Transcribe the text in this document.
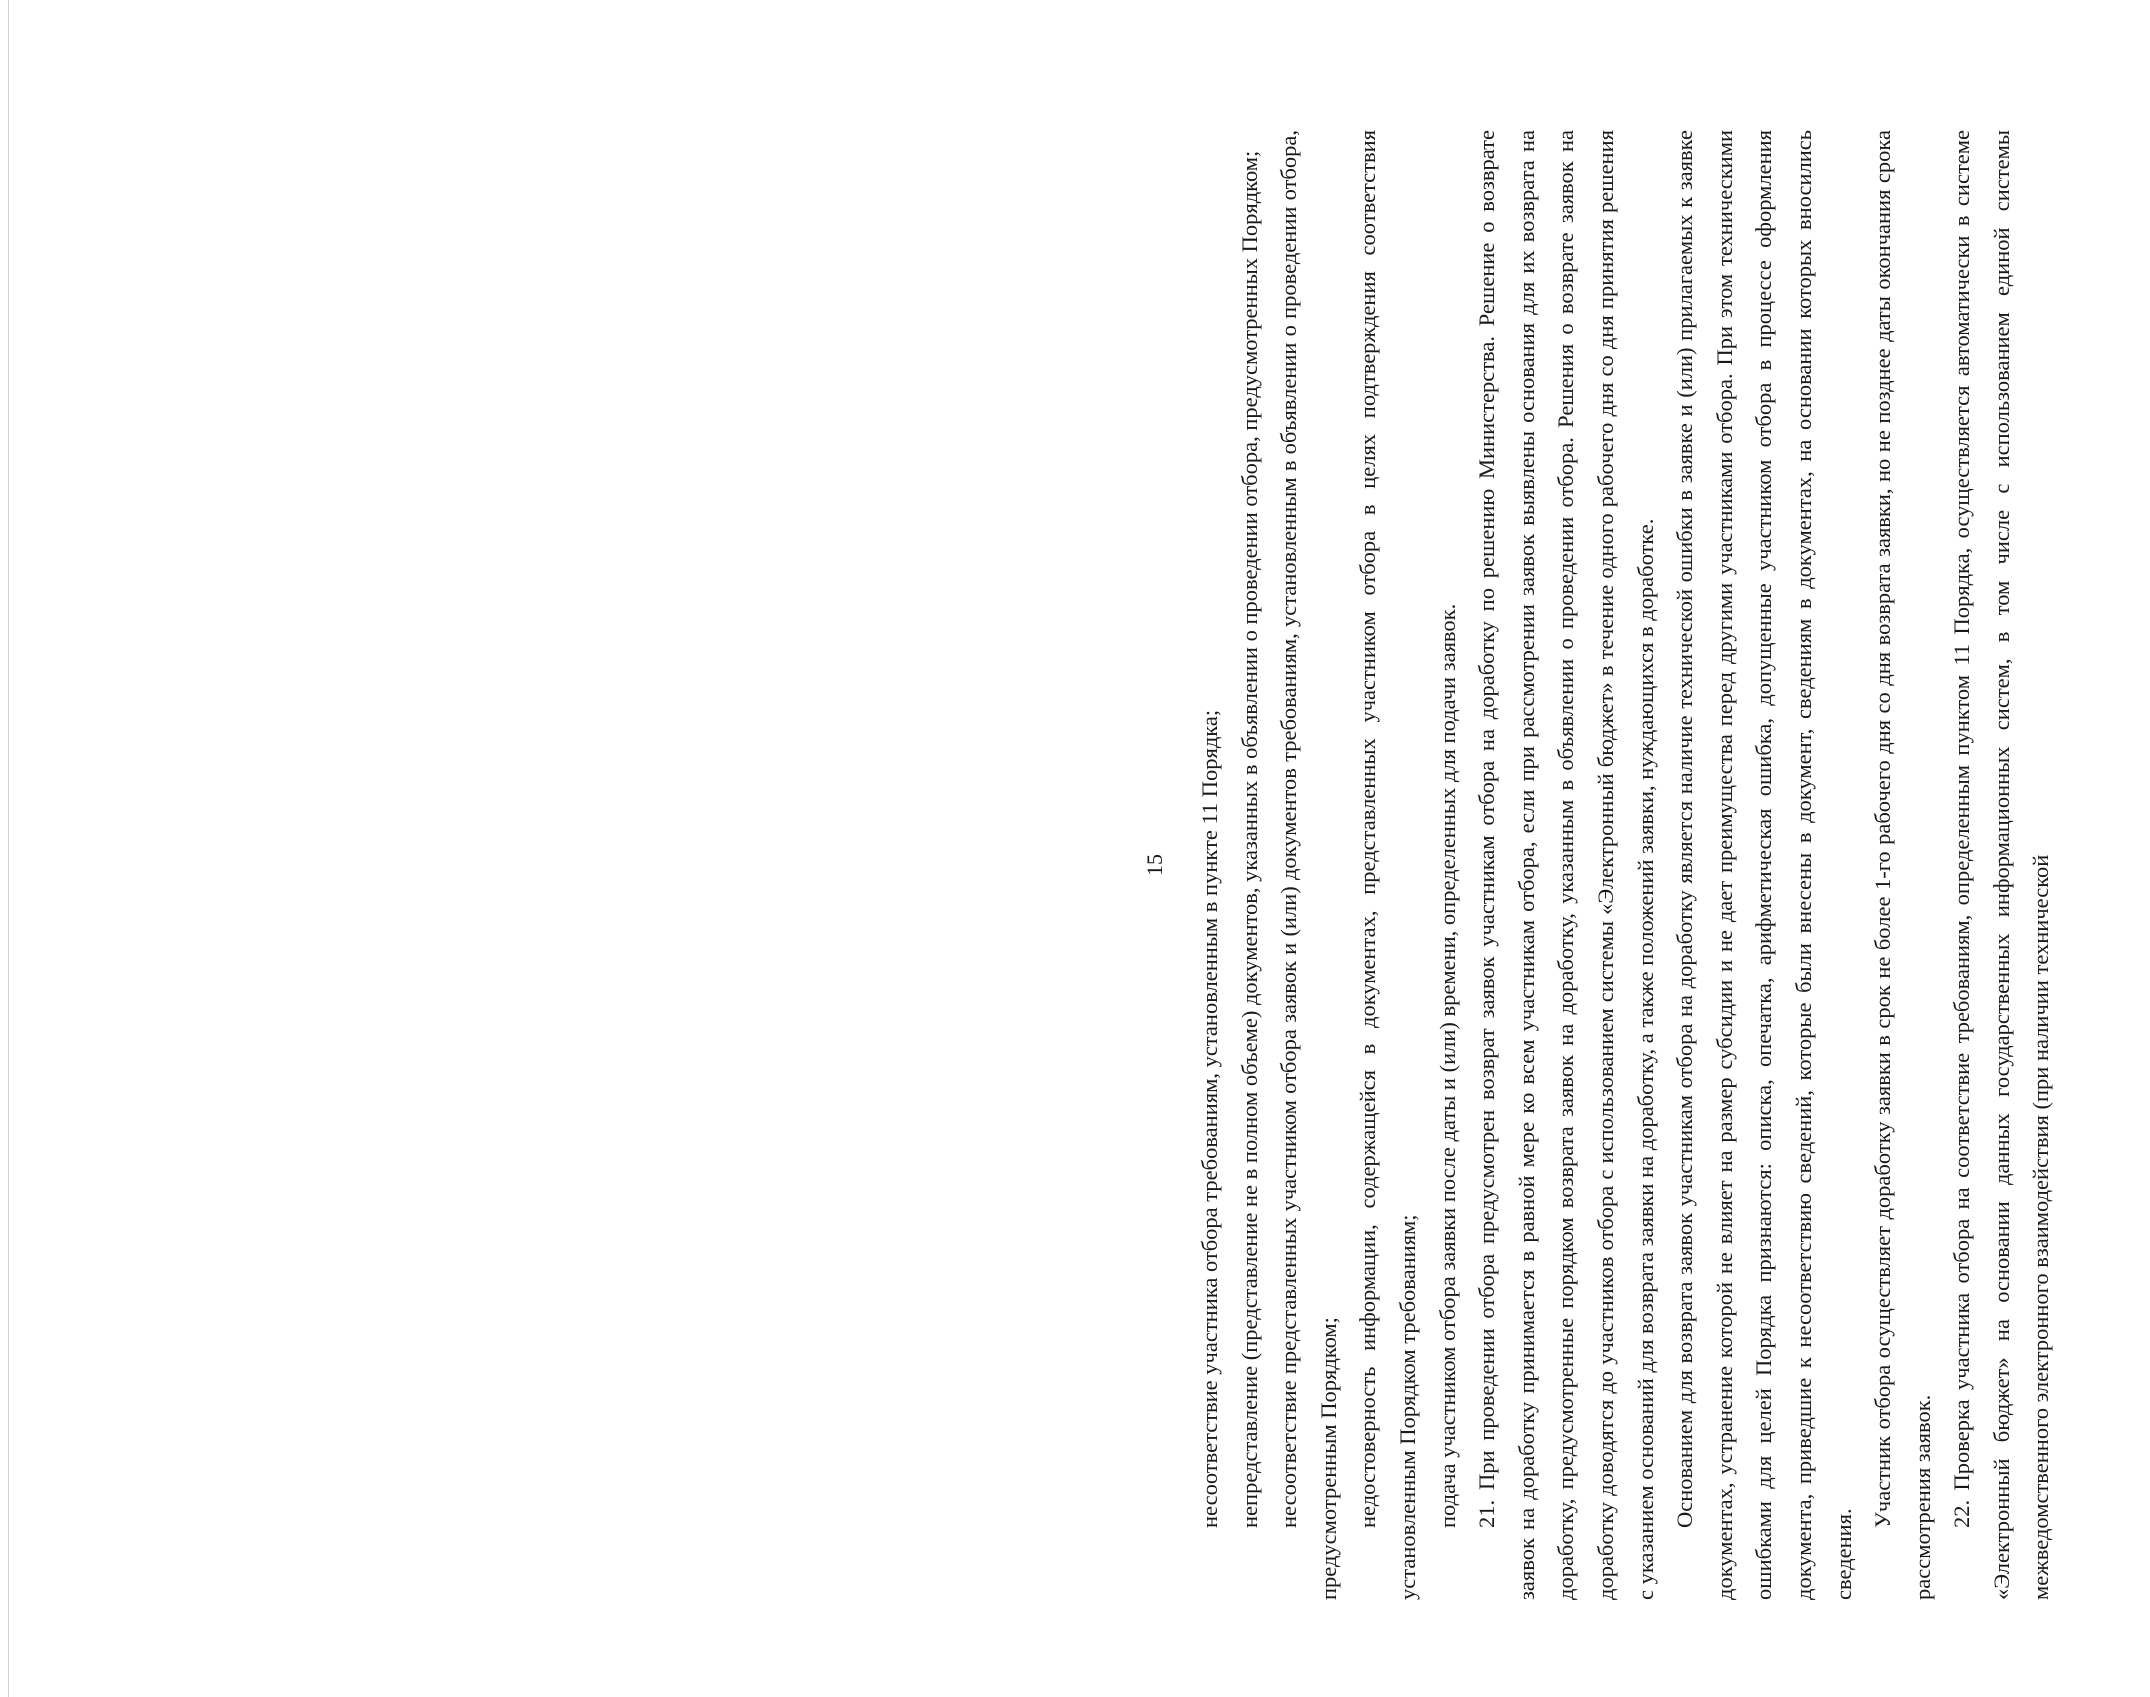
15	несоответствие участника отбора требованиям, установленным в пункте 11 Порядка; непредставление (представление не в полном объеме) документов, указанных в объявлении о проведении отбора, предусмотренных Порядком; несоответствие представленных участником отбора заявок и (или) документов требованиям, установленным в объявлении о проведении отбора, предусмотренным Порядком; недостоверность информации, содержащейся в документах, представленных участником отбора в целях подтверждения соответствия установленным Порядком требованиям; подача участником отбора заявки после даты и (или) времени, определенных для подачи заявок. 21. При проведении отбора предусмотрен возврат заявок участникам отбора на доработку по решению Министерства. Решение о возврате заявок на доработку принимается в равной мере ко всем участникам отбора, если при рассмотрении заявок выявлены основания для их возврата на доработку, предусмотренные порядком возврата заявок на доработку, указанным в объявлении о проведении отбора. Решения о возврате заявок на доработку доводятся до участников отбора с использованием системы «Электронный бюджет» в течение одного рабочего дня со дня принятия решения с указанием оснований для возврата заявки на доработку, а также положений заявки, нуждающихся в доработке. Основанием для возврата заявок участникам отбора на доработку является наличие технической ошибки в заявке и (или) прилагаемых к заявке документах, устранение которой не влияет на размер субсидии и не дает преимущества перед другими участниками отбора. При этом техническими ошибками для целей Порядка признаются: описка, опечатка, арифметическая ошибка, допущенные участником отбора в процессе оформления документа, приведшие к несоответствию сведений, которые были внесены в документ, сведениям в документах, на основании которых вносились сведения.

Участник отбора осуществляет доработку заявки в срок не более 1-го рабочего дня со дня возврата заявки, но не позднее даты окончания срока рассмотрения заявок. 22. Проверка участника отбора на соответствие требованиям, определенным пунктом 11 Порядка, осуществляется автоматически в системе «Электронный бюджет» на основании данных государственных информационных систем, в том числе с использованием единой системы межведомственного электронного взаимодействия (при наличии технической
